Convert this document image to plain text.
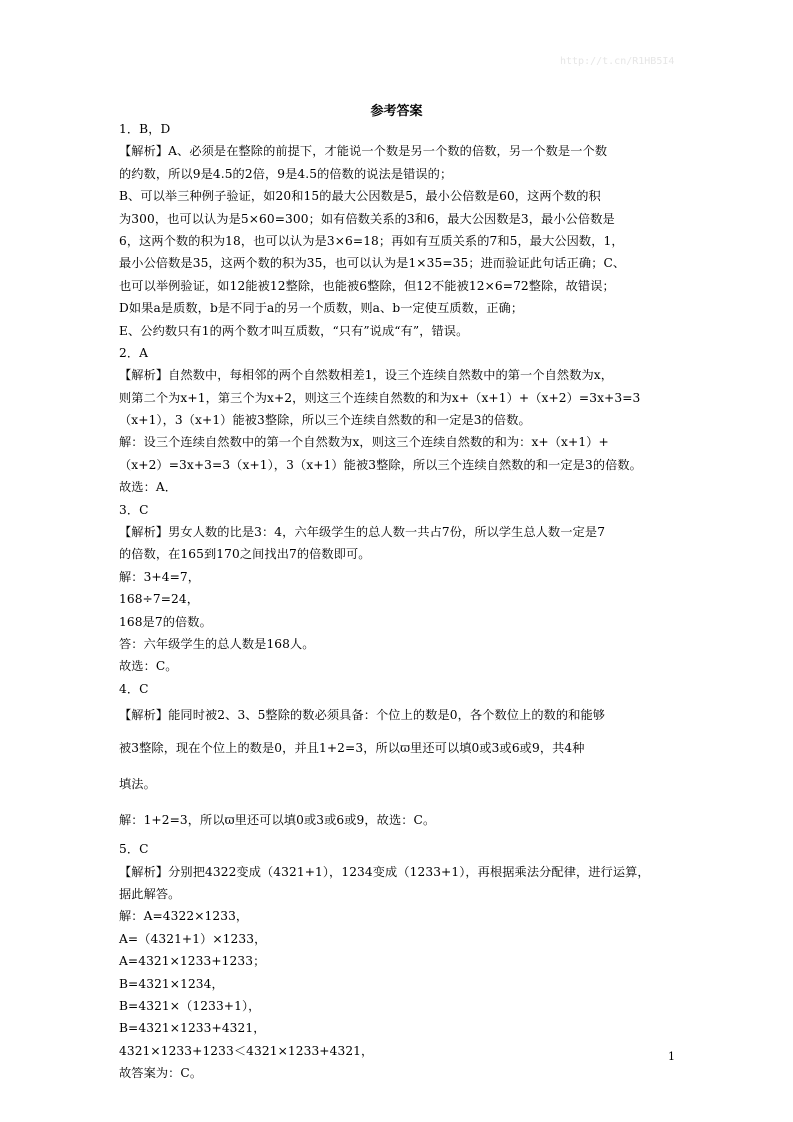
http://t.cn/R1HB5I4
参考答案
1．B，D
【解析】A、必须是在整除的前提下，才能说一个数是另一个数的倍数，另一个数是一个数
的约数，所以9是4.5的2倍，9是4.5的倍数的说法是错误的；
B、可以举三种例子验证，如20和15的最大公因数是5，最小公倍数是60，这两个数的积
为300，也可以认为是5×60=300；如有倍数关系的3和6，最大公因数是3，最小公倍数是
6，这两个数的积为18，也可以认为是3×6=18；再如有互质关系的7和5，最大公因数，1，
最小公倍数是35，这两个数的积为35，也可以认为是1×35=35；进而验证此句话正确；C、
也可以举例验证，如12能被12整除，也能被6整除，但12不能被12×6=72整除，故错误；
D如果a是质数，b是不同于a的另一个质数，则a、b一定使互质数，正确；
E、公约数只有1的两个数才叫互质数，“只有”说成“有”，错误。
2．A
【解析】自然数中，每相邻的两个自然数相差1，设三个连续自然数中的第一个自然数为x，
则第二个为x+1，第三个为x+2，则这三个连续自然数的和为x+（x+1）+（x+2）=3x+3=3
（x+1），3（x+1）能被3整除，所以三个连续自然数的和一定是3的倍数。
解：设三个连续自然数中的第一个自然数为x，则这三个连续自然数的和为：x+（x+1）+
（x+2）=3x+3=3（x+1），3（x+1）能被3整除，所以三个连续自然数的和一定是3的倍数。
故选：A．
3．C
【解析】男女人数的比是3：4，六年级学生的总人数一共占7份，所以学生总人数一定是7
的倍数，在165到170之间找出7的倍数即可。
解：3+4=7，
168÷7=24，
168是7的倍数。
答：六年级学生的总人数是168人。
故选：C。
4．C
【解析】能同时被2、3、5整除的数必须具备：个位上的数是0，各个数位上的数的和能够
被3整除，现在个位上的数是0，并且1+2=3，所以ϖ里还可以填0或3或6或9，共4种
填法。
解：1+2=3，所以ϖ里还可以填0或3或6或9，故选：C。
5．C
【解析】分别把4322变成（4321+1），1234变成（1233+1），再根据乘法分配律，进行运算，
据此解答。
解：A=4322×1233，
A=（4321+1）×1233，
A=4321×1233+1233；
B=4321×1234，
B=4321×（1233+1），
B=4321×1233+4321，
4321×1233+1233＜4321×1233+4321，
故答案为：C。
1
